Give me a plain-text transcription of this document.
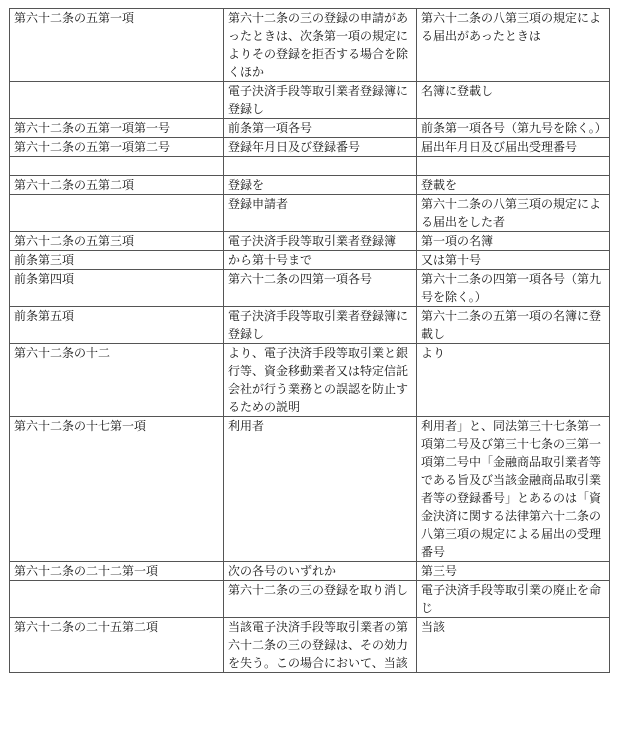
第六十二条の五第一項	第六十二条の三の登録の申請があったときは、次条第一項の規定によりその登録を拒否する場合を除くほか	第六十二条の八第三項の規定による届出があったときは
	電子決済手段等取引業者登録簿に登録し	名簿に登載し
第六十二条の五第一項第一号	前条第一項各号	前条第一項各号（第九号を除く。）
第六十二条の五第一項第二号	登録年月日及び登録番号	届出年月日及び届出受理番号

第六十二条の五第二項	登録を	登載を
	登録申請者	第六十二条の八第三項の規定による届出をした者
第六十二条の五第三項	電子決済手段等取引業者登録簿	第一項の名簿
前条第三項	から第十号まで	又は第十号
前条第四項	第六十二条の四第一項各号	第六十二条の四第一項各号（第九号を除く。）
前条第五項	電子決済手段等取引業者登録簿に登録し	第六十二条の五第一項の名簿に登載し
第六十二条の十二	より、電子決済手段等取引業と銀行等、資金移動業者又は特定信託会社が行う業務との誤認を防止するための説明	より
第六十二条の十七第一項	利用者	利用者」と、同法第三十七条第一項第二号及び第三十七条の三第一項第二号中「金融商品取引業者等である旨及び当該金融商品取引業者等の登録番号」とあるのは「資金決済に関する法律第六十二条の八第三項の規定による届出の受理番号
第六十二条の二十二第一項	次の各号のいずれか	第三号
	第六十二条の三の登録を取り消し	電子決済手段等取引業の廃止を命じ
第六十二条の二十五第二項	当該電子決済手段等取引業者の第六十二条の三の登録は、その効力を失う。この場合において、当該	当該
